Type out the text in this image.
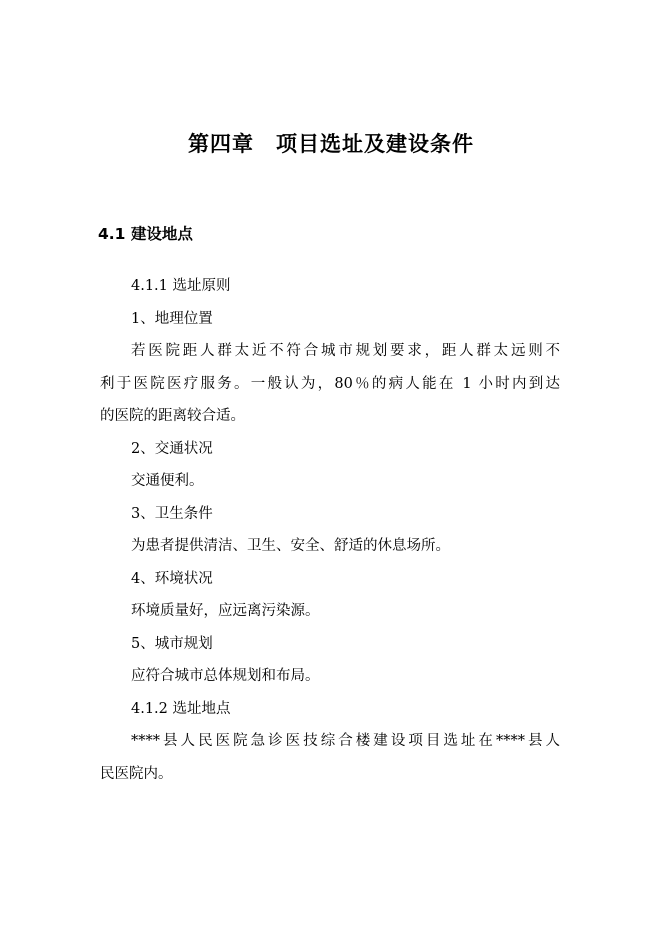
第四章　项目选址及建设条件
4.1 建设地点
4.1.1 选址原则
1、地理位置
若医院距人群太近不符合城市规划要求，距人群太远则不
利于医院医疗服务。一般认为，80％的病人能在 1 小时内到达
的医院的距离较合适。
2、交通状况
交通便利。
3、卫生条件
为患者提供清洁、卫生、安全、舒适的休息场所。
4、环境状况
环境质量好，应远离污染源。
5、城市规划
应符合城市总体规划和布局。
4.1.2 选址地点
****县人民医院急诊医技综合楼建设项目选址在****县人
民医院内。
